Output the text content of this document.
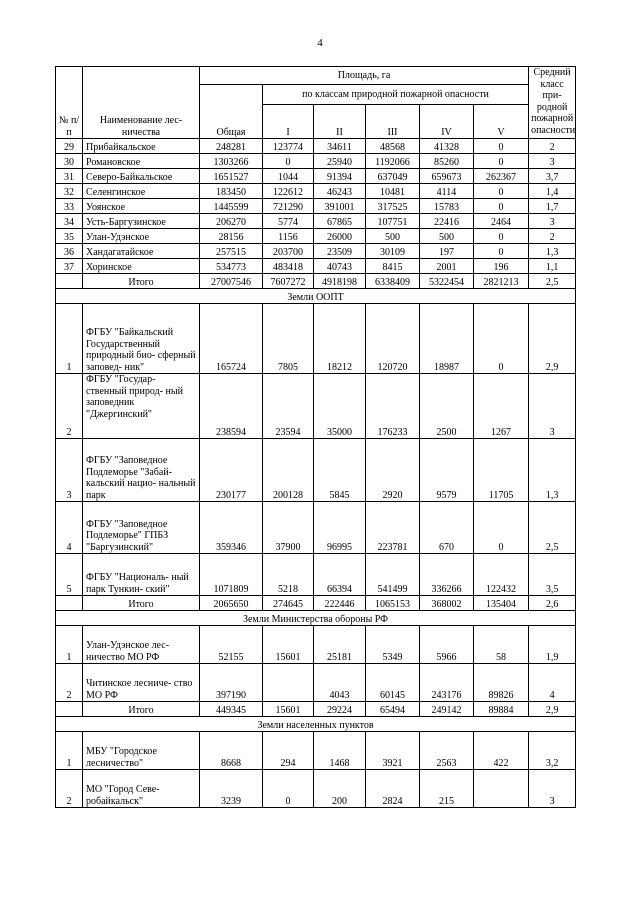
4
№ п/п	Наименование лес- ничества	Площадь, га						Средний класс при- родной пожарной опасности
		Общая	по классам природной пожарной опасности					
			I	II	III	IV	V	
29	Прибайкальское	248281	123774	34611	48568	41328	0	2
30	Романовское	1303266	0	25940	1192066	85260	0	3
31	Северо-Байкальское	1651527	1044	91394	637049	659673	262367	3,7
32	Селенгинское	183450	122612	46243	10481	4114	0	1,4
33	Уоянское	1445599	721290	391001	317525	15783	0	1,7
34	Усть-Баргузинское	206270	5774	67865	107751	22416	2464	3
35	Улан-Удэнское	28156	1156	26000	500	500	0	2
36	Хандагатайское	257515	203700	23509	30109	197	0	1,3
37	Хоринское	534773	483418	40743	8415	2001	196	1,1
	Итого	27007546	7607272	4918198	6338409	5322454	2821213	2,5
Земли ООПТ								
1	ФГБУ "Байкальский Государственный природный био- сферный заповед- ник"	165724	7805	18212	120720	18987	0	2,9
2	ФГБУ "Государ- ственный природ- ный заповедник "Джергинский"	238594	23594	35000	176233	2500	1267	3
3	ФГБУ "Заповедное Подлеморье "Забай- кальский нацио- нальный парк	230177	200128	5845	2920	9579	11705	1,3
4	ФГБУ "Заповедное Подлеморье" ГПБЗ "Баргузинский"	359346	37900	96995	223781	670	0	2,5
5	ФГБУ "Националь- ный парк Тункин- ский"	1071809	5218	66394	541499	336266	122432	3,5
	Итого	2065650	274645	222446	1065153	368002	135404	2,6
Земли Министерства обороны РФ								
1	Улан-Удэнское лес- ничество МО РФ	52155	15601	25181	5349	5966	58	1,9
2	Читинское лесниче- ство МО РФ	397190		4043	60145	243176	89826	4
	Итого	449345	15601	29224	65494	249142	89884	2,9
Земли населенных пунктов								
1	МБУ "Городское лесничество"	8668	294	1468	3921	2563	422	3,2
2	МО "Город Севе- робайкальск"	3239	0	200	2824	215		3
